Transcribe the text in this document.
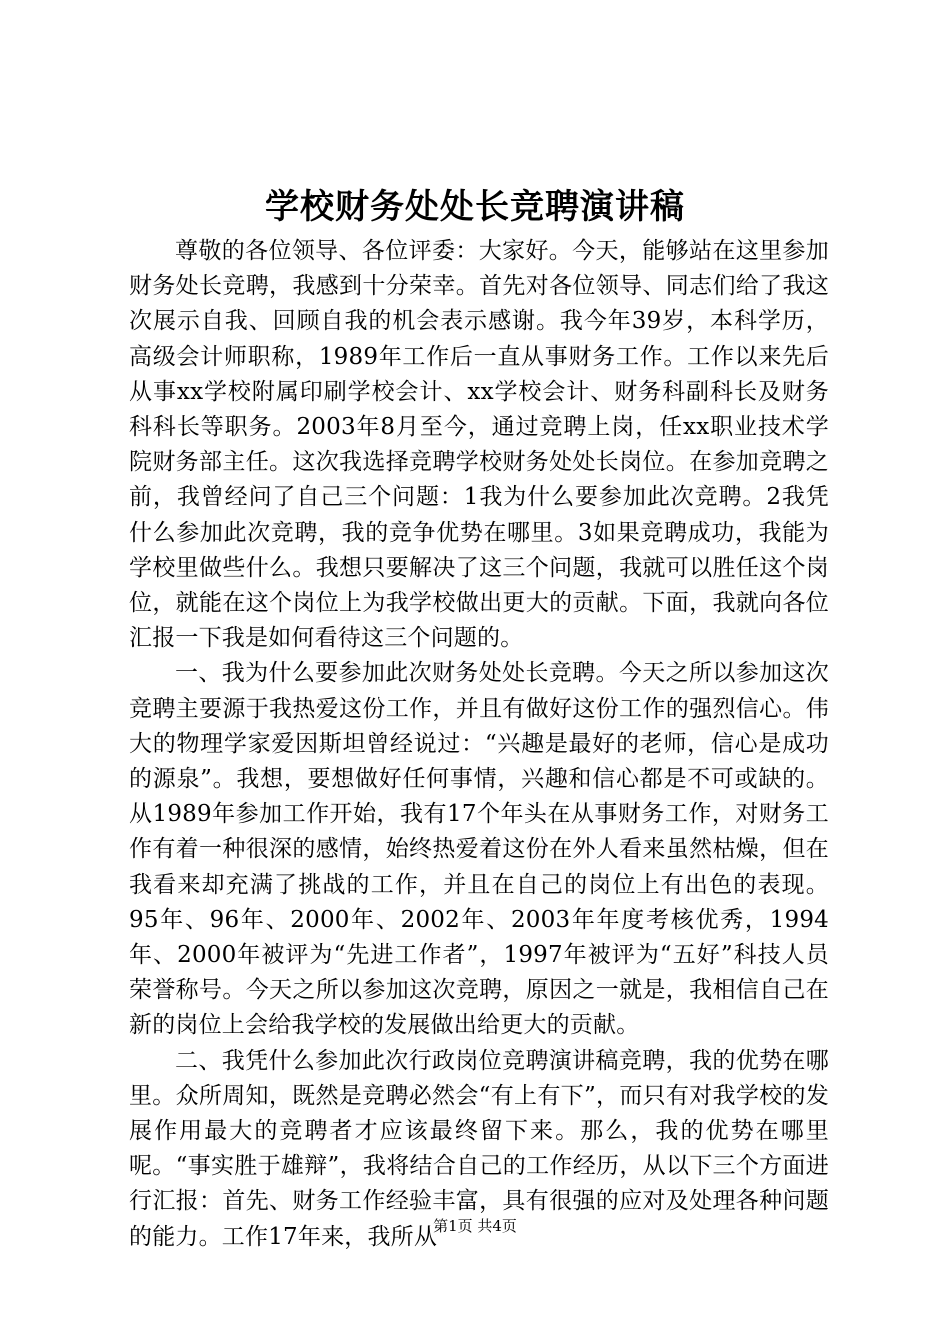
学校财务处处长竞聘演讲稿

尊敬的各位领导、各位评委：大家好。今天，能够站在这里参加财务处长竞聘，我感到十分荣幸。首先对各位领导、同志们给了我这次展示自我、回顾自我的机会表示感谢。我今年39岁，本科学历，高级会计师职称，1989年工作后一直从事财务工作。工作以来先后从事xx学校附属印刷学校会计、xx学校会计、财务科副科长及财务科科长等职务。2003年8月至今，通过竞聘上岗，任xx职业技术学院财务部主任。这次我选择竞聘学校财务处处长岗位。在参加竞聘之前，我曾经问了自己三个问题：1我为什么要参加此次竞聘。2我凭什么参加此次竞聘，我的竞争优势在哪里。3如果竞聘成功，我能为学校里做些什么。我想只要解决了这三个问题，我就可以胜任这个岗位，就能在这个岗位上为我学校做出更大的贡献。下面，我就向各位汇报一下我是如何看待这三个问题的。

一、我为什么要参加此次财务处处长竞聘。今天之所以参加这次竞聘主要源于我热爱这份工作，并且有做好这份工作的强烈信心。伟大的物理学家爱因斯坦曾经说过：“兴趣是最好的老师，信心是成功的源泉”。我想，要想做好任何事情，兴趣和信心都是不可或缺的。从1989年参加工作开始，我有17个年头在从事财务工作，对财务工作有着一种很深的感情，始终热爱着这份在外人看来虽然枯燥，但在我看来却充满了挑战的工作，并且在自己的岗位上有出色的表现。95年、96年、2000年、2002年、2003年年度考核优秀，1994年、2000年被评为“先进工作者”，1997年被评为“五好”科技人员荣誉称号。今天之所以参加这次竞聘，原因之一就是，我相信自己在新的岗位上会给我学校的发展做出给更大的贡献。

二、我凭什么参加此次行政岗位竞聘演讲稿竞聘，我的优势在哪里。众所周知，既然是竞聘必然会“有上有下”，而只有对我学校的发展作用最大的竞聘者才应该最终留下来。那么，我的优势在哪里呢。“事实胜于雄辩”，我将结合自己的工作经历，从以下三个方面进行汇报：首先、财务工作经验丰富，具有很强的应对及处理各种问题的能力。工作17年来，我所从

第1页 共4页
